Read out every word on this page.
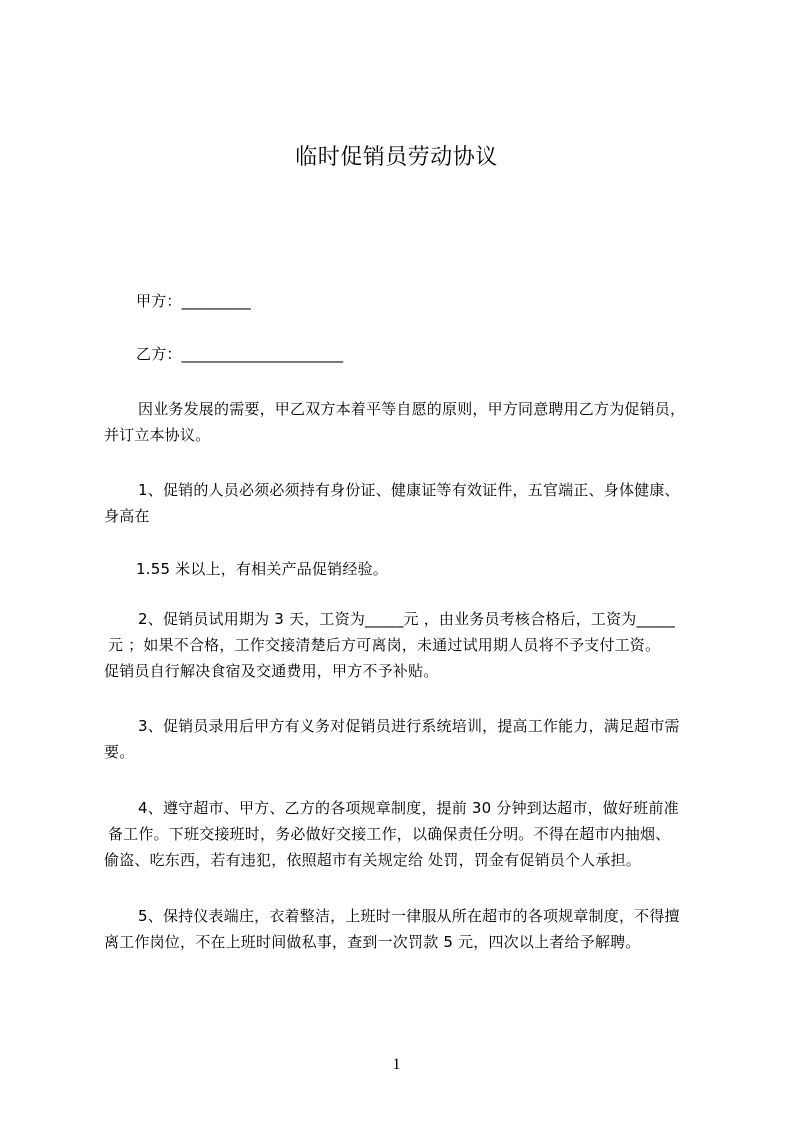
临时促销员劳动协议

甲方：_________

乙方：_____________________

因业务发展的需要，甲乙双方本着平等自愿的原则，甲方同意聘用乙方为促销员，
并订立本协议。

1、促销的人员必须必须持有身份证、健康证等有效证件，五官端正、身体健康、
身高在

1.55 米以上，有相关产品促销经验。

2、促销员试用期为 3 天，工资为_____元 ，由业务员考核合格后，工资为_____
元 ；如果不合格，工作交接清楚后方可离岗，未通过试用期人员将不予支付工资。
促销员自行解决食宿及交通费用，甲方不予补贴。

3、促销员录用后甲方有义务对促销员进行系统培训，提高工作能力，满足超市需
要。

4、遵守超市、甲方、乙方的各项规章制度，提前 30 分钟到达超市，做好班前准
备工作。下班交接班时，务必做好交接工作，以确保责任分明。不得在超市内抽烟、
偷盗、吃东西，若有违犯，依照超市有关规定给 处罚，罚金有促销员个人承担。

5、保持仪表端庄，衣着整洁，上班时一律服从所在超市的各项规章制度，不得擅
离工作岗位，不在上班时间做私事，查到一次罚款 5 元，四次以上者给予解聘。

1
